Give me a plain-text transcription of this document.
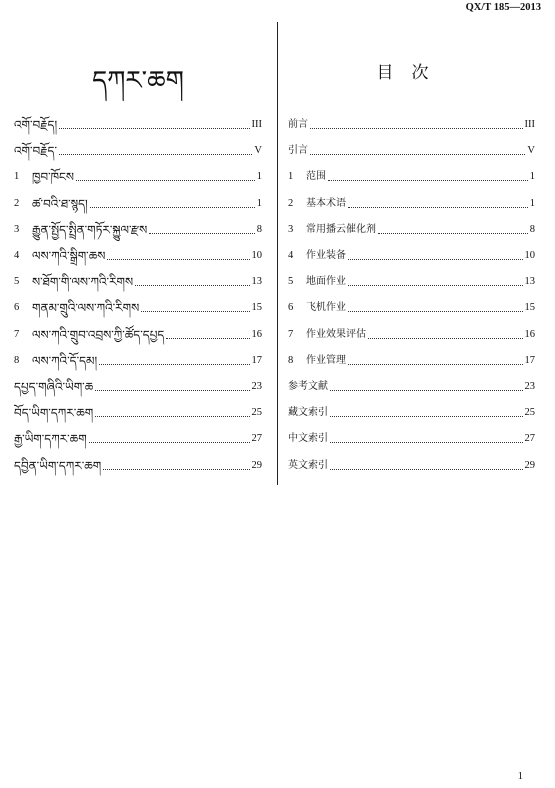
QX/T 185—2013
དཀར་ཆག
འགོ་བརྗོད།	III
འགོ་བརྗོད་	V
1	ཁྱབ་ཁོངས	1
2	ཚ་བའི་ཐ་སྙད།	1
3	རྒྱུན་སྤྱོད་སྤྲིན་གཏོར་སྐྱུལ་རྫས	8
4	ལས་ཀའི་སྒྲིག་ཆས	10
5	ས་ཐོག་གི་ལས་ཀའི་རིགས	13
6	གནམ་གྲུའི་ལས་ཀའི་རིགས	15
7	ལས་ཀའི་གྲུབ་འབྲས་ཀྱི་ཚོད་དཔྱད	16
8	ལས་ཀའི་དོ་དམ།	17
དཔྱད་གཞིའི་ཡིག་ཆ	23
བོད་ཡིག་དཀར་ཆག	25
རྒྱ་ཡིག་དཀར་ཆག	27
དབྱིན་ཡིག་དཀར་ཆག	29
目次
前言	III
引言	V
1	范围	1
2	基本术语	1
3	常用播云催化剂	8
4	作业装备	10
5	地面作业	13
6	飞机作业	15
7	作业效果评估	16
8	作业管理	17
参考文献	23
藏文索引	25
中文索引	27
英文索引	29
1
